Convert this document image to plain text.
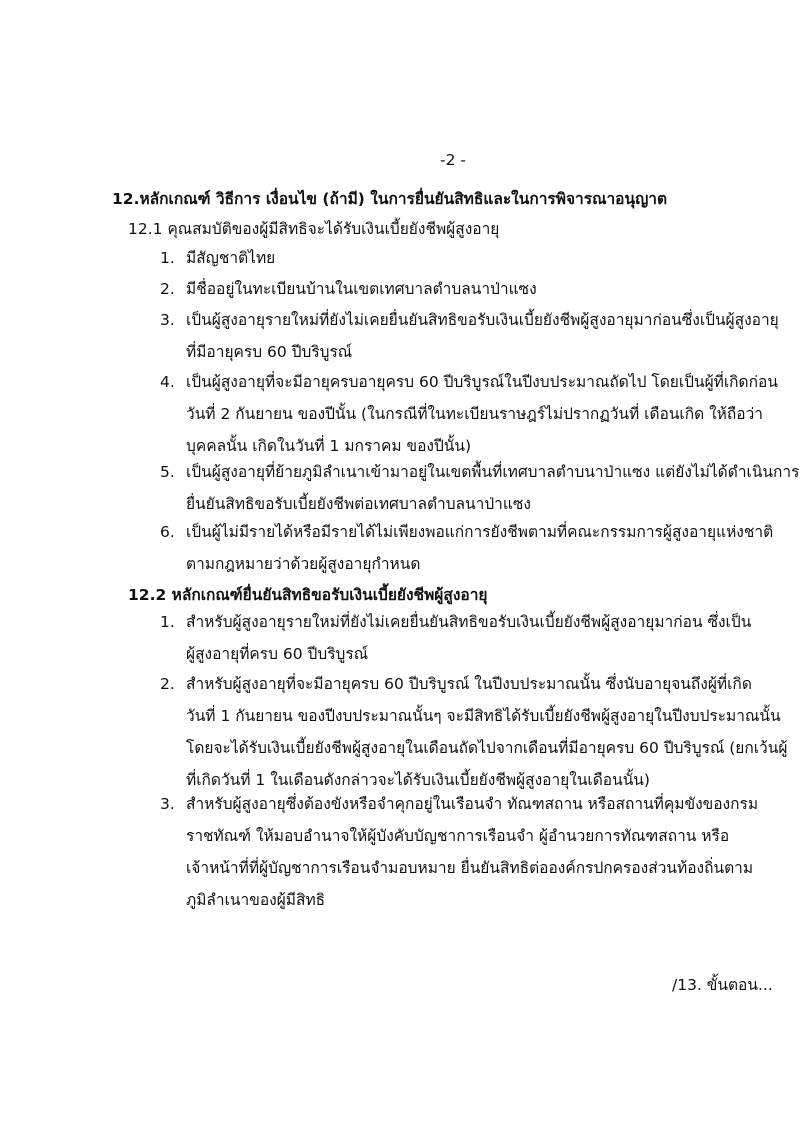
-2 -
12.หลักเกณฑ์ วิธีการ เงื่อนไข (ถ้ามี) ในการยื่นยันสิทธิและในการพิจารณาอนุญาต
12.1 คุณสมบัติของผู้มีสิทธิจะได้รับเงินเบี้ยยังชีพผู้สูงอายุ
1. มีสัญชาติไทย
2. มีชื่ออยู่ในทะเบียนบ้านในเขตเทศบาลตำบลนาป่าแซง
3. เป็นผู้สูงอายุรายใหม่ที่ยังไม่เคยยื่นยันสิทธิขอรับเงินเบี้ยยังชีพผู้สูงอายุมาก่อนซึ่งเป็นผู้สูงอายุ
ที่มีอายุครบ 60 ปีบริบูรณ์
4. เป็นผู้สูงอายุที่จะมีอายุครบอายุครบ 60 ปีบริบูรณ์ในปีงบประมาณถัดไป โดยเป็นผู้ที่เกิดก่อน
วันที่ 2 กันยายน ของปีนั้น (ในกรณีที่ในทะเบียนราษฎร์ไม่ปรากฏวันที่ เดือนเกิด ให้ถือว่า
บุคคลนั้น เกิดในวันที่ 1 มกราคม ของปีนั้น)
5. เป็นผู้สูงอายุที่ย้ายภูมิลำเนาเข้ามาอยู่ในเขตพื้นที่เทศบาลตำบนาป่าแซง แต่ยังไม่ได้ดำเนินการ
ยื่นยันสิทธิขอรับเบี้ยยังชีพต่อเทศบาลตำบลนาป่าแซง
6. เป็นผู้ไม่มีรายได้หรือมีรายได้ไม่เพียงพอแก่การยังชีพตามที่คณะกรรมการผู้สูงอายุแห่งชาติ
ตามกฎหมายว่าด้วยผู้สูงอายุกำหนด
12.2 หลักเกณฑ์ยื่นยันสิทธิขอรับเงินเบี้ยยังชีพผู้สูงอายุ
1. สำหรับผู้สูงอายุรายใหม่ที่ยังไม่เคยยื่นยันสิทธิขอรับเงินเบี้ยยังชีพผู้สูงอายุมาก่อน ซึ่งเป็น
ผู้สูงอายุที่ครบ 60 ปีบริบูรณ์
2. สำหรับผู้สูงอายุที่จะมีอายุครบ 60 ปีบริบูรณ์ ในปีงบประมาณนั้น ซึ่งนับอายุจนถึงผู้ที่เกิด
วันที่ 1 กันยายน ของปีงบประมาณนั้นๆ จะมีสิทธิได้รับเบี้ยยังชีพผู้สูงอายุในปีงบประมาณนั้น
โดยจะได้รับเงินเบี้ยยังชีพผู้สูงอายุในเดือนถัดไปจากเดือนที่มีอายุครบ 60 ปีบริบูรณ์ (ยกเว้นผู้
ที่เกิดวันที่ 1 ในเดือนดังกล่าวจะได้รับเงินเบี้ยยังชีพผู้สูงอายุในเดือนนั้น)
3. สำหรับผู้สูงอายุซึ่งต้องขังหรือจำคุกอยู่ในเรือนจำ ทัณฑสถาน หรือสถานที่คุมขังของกรม
ราชทัณฑ์ ให้มอบอำนาจให้ผู้บังคับบัญชาการเรือนจำ ผู้อำนวยการทัณฑสถาน หรือ
เจ้าหน้าที่ที่ผู้บัญชาการเรือนจำมอบหมาย ยื่นยันสิทธิต่อองค์กรปกครองส่วนท้องถิ่นตาม
ภูมิลำเนาของผู้มีสิทธิ
/13. ขั้นตอน...
